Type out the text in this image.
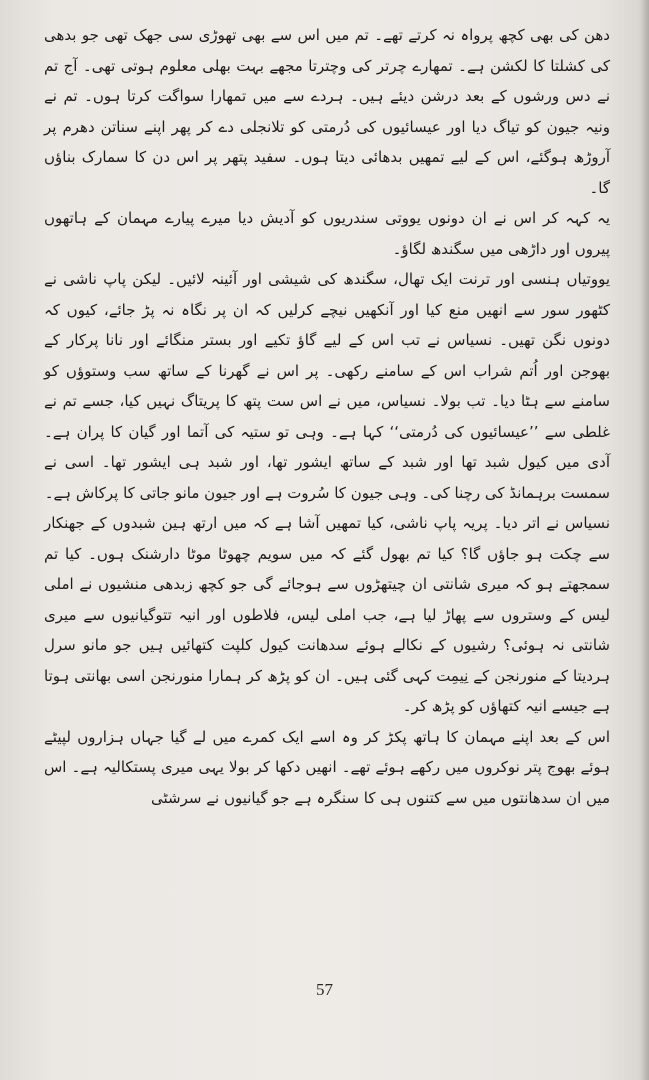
دھن کی بھی کچھ پرواہ نہ کرتے تھے۔ تم میں اس سے بھی تھوڑی سی جھک تھی جو بدھی کی کشلتا کا لکشن ہے۔ تمھارے چرتر کی وچترتا مجھے بہت بھلی معلوم ہوتی تھی۔ آج تم نے دس ورشوں کے بعد درشن دیئے ہیں۔ ہردے سے میں تمھارا سواگت کرتا ہوں۔ تم نے ونیہ جیون کو تیاگ دیا اور عیسائیوں کی دُرمتی کو تلانجلی دے کر پھر اپنے سناتن دھرم پر آروڑھ ہوگئے، اس کے لیے تمھیں بدھائی دیتا ہوں۔ سفید پتھر پر اس دن کا سمارک بناؤں گا۔

یہ کہہ کر اس نے ان دونوں یووتی سندریوں کو آدیش دیا میرے پیارے مہمان کے ہاتھوں پیروں اور داڑھی میں سگندھ لگاؤ۔

یووتیاں ہنسی اور ترنت ایک تھال، سگندھ کی شیشی اور آئینہ لائیں۔ لیکن پاپ ناشی نے کٹھور سور سے انھیں منع کیا اور آنکھیں نیچے کرلیں کہ ان پر نگاہ نہ پڑ جائے، کیوں کہ دونوں نگن تھیں۔ نسیاس نے تب اس کے لیے گاؤ تکیے اور بستر منگائے اور نانا پرکار کے بھوجن اور اُتم شراب اس کے سامنے رکھی۔ پر اس نے گھرنا کے ساتھ سب وستوؤں کو سامنے سے ہٹا دیا۔ تب بولا۔ نسیاس، میں نے اس ست پتھ کا پریتاگ نہیں کیا، جسے تم نے غلطی سے ’’عیسائیوں کی دُرمتی‘‘ کہا ہے۔ وہی تو ستیہ کی آتما اور گیان کا پران ہے۔ آدی میں کیول شبد تھا اور شبد کے ساتھ ایشور تھا، اور شبد ہی ایشور تھا۔ اسی نے سمست برہمانڈ کی رچنا کی۔ وہی جیون کا سُروت ہے اور جیون مانو جاتی کا پرکاش ہے۔

نسیاس نے اتر دیا۔ پریہ پاپ ناشی، کیا تمھیں آشا ہے کہ میں ارتھ ہین شبدوں کے جھنکار سے چکت ہو جاؤں گا؟ کیا تم بھول گئے کہ میں سویم چھوٹا موٹا دارشنک ہوں۔ کیا تم سمجھتے ہو کہ میری شانتی ان چیتھڑوں سے ہوجائے گی جو کچھ زبدھی منشیوں نے املی لیس کے وستروں سے پھاڑ لیا ہے، جب املی لیس، فلاطوں اور انیہ تتوگیانیوں سے میری شانتی نہ ہوئی؟ رشیوں کے نکالے ہوئے سدھانت کیول کلپت کتھائیں ہیں جو مانو سرل ہردیتا کے منورنجن کے نِیمِت کہی گئی ہیں۔ ان کو پڑھ کر ہمارا منورنجن اسی بھانتی ہوتا ہے جیسے انیہ کتھاؤں کو پڑھ کر۔

اس کے بعد اپنے مہمان کا ہاتھ پکڑ کر وہ اسے ایک کمرے میں لے گیا جہاں ہزاروں لپیٹے ہوئے بھوج پتر نوکروں میں رکھے ہوئے تھے۔ انھیں دکھا کر بولا یہی میری پستکالیہ ہے۔ اس میں ان سدھانتوں میں سے کتنوں ہی کا سنگرہ ہے جو گیانیوں نے سرشٹی

57
